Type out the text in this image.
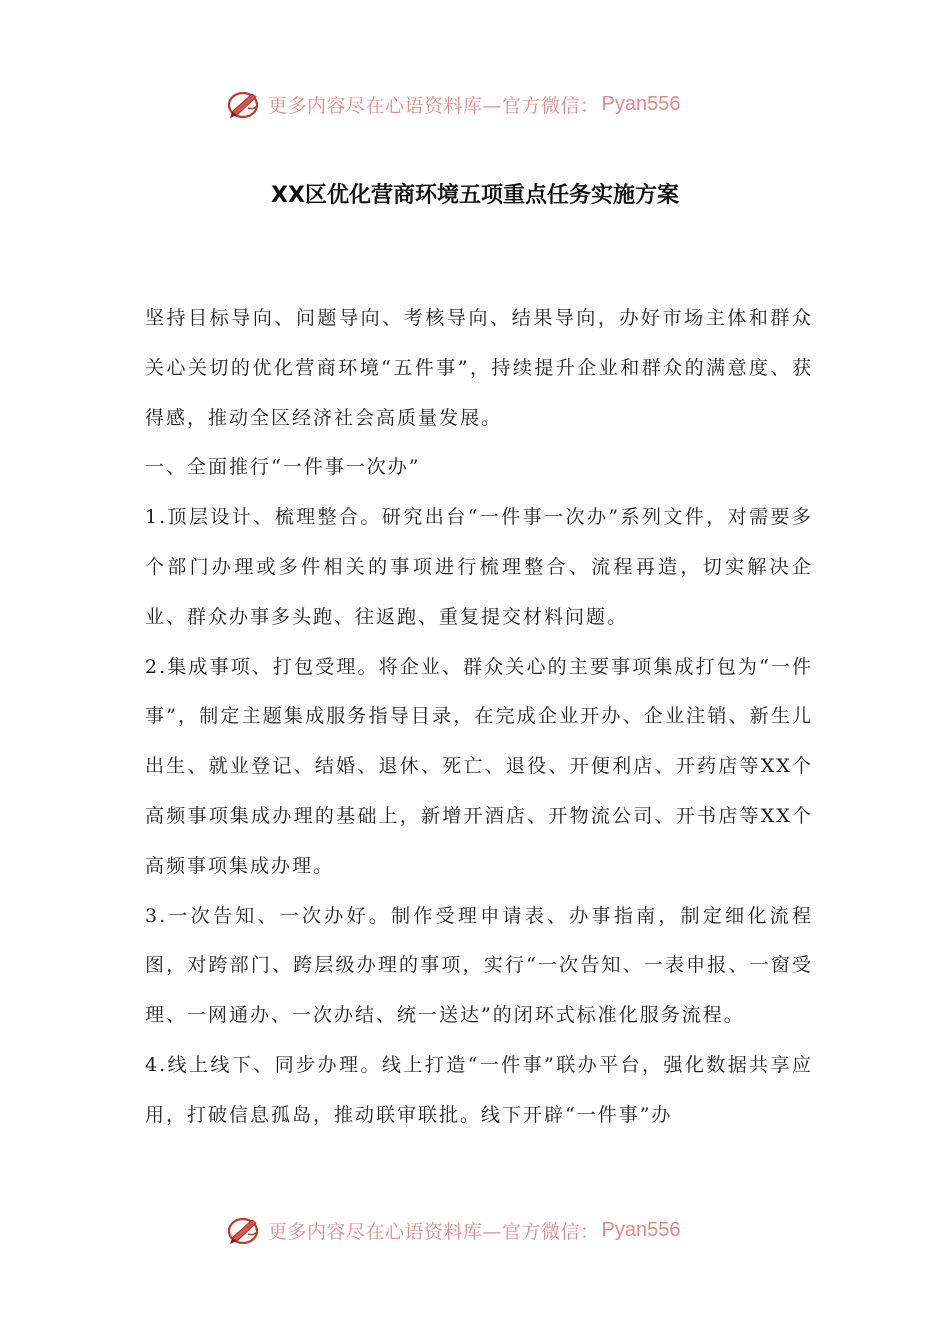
更多内容尽在心语资料库—官方微信： Pyan556
XX区优化营商环境五项重点任务实施方案

坚持目标导向、问题导向、考核导向、结果导向，办好市场主体和群众关心关切的优化营商环境“五件事”，持续提升企业和群众的满意度、获得感，推动全区经济社会高质量发展。

一、全面推行“一件事一次办”

1.顶层设计、梳理整合。研究出台“一件事一次办”系列文件，对需要多个部门办理或多件相关的事项进行梳理整合、流程再造，切实解决企业、群众办事多头跑、往返跑、重复提交材料问题。

2.集成事项、打包受理。将企业、群众关心的主要事项集成打包为“一件事”，制定主题集成服务指导目录，在完成企业开办、企业注销、新生儿出生、就业登记、结婚、退休、死亡、退役、开便利店、开药店等XX个高频事项集成办理的基础上，新增开酒店、开物流公司、开书店等XX个高频事项集成办理。

3.一次告知、一次办好。制作受理申请表、办事指南，制定细化流程图，对跨部门、跨层级办理的事项，实行“一次告知、一表申报、一窗受理、一网通办、一次办结、统一送达”的闭环式标准化服务流程。

4.线上线下、同步办理。线上打造“一件事”联办平台，强化数据共享应用，打破信息孤岛，推动联审联批。线下开辟“一件事”办

更多内容尽在心语资料库—官方微信： Pyan556
